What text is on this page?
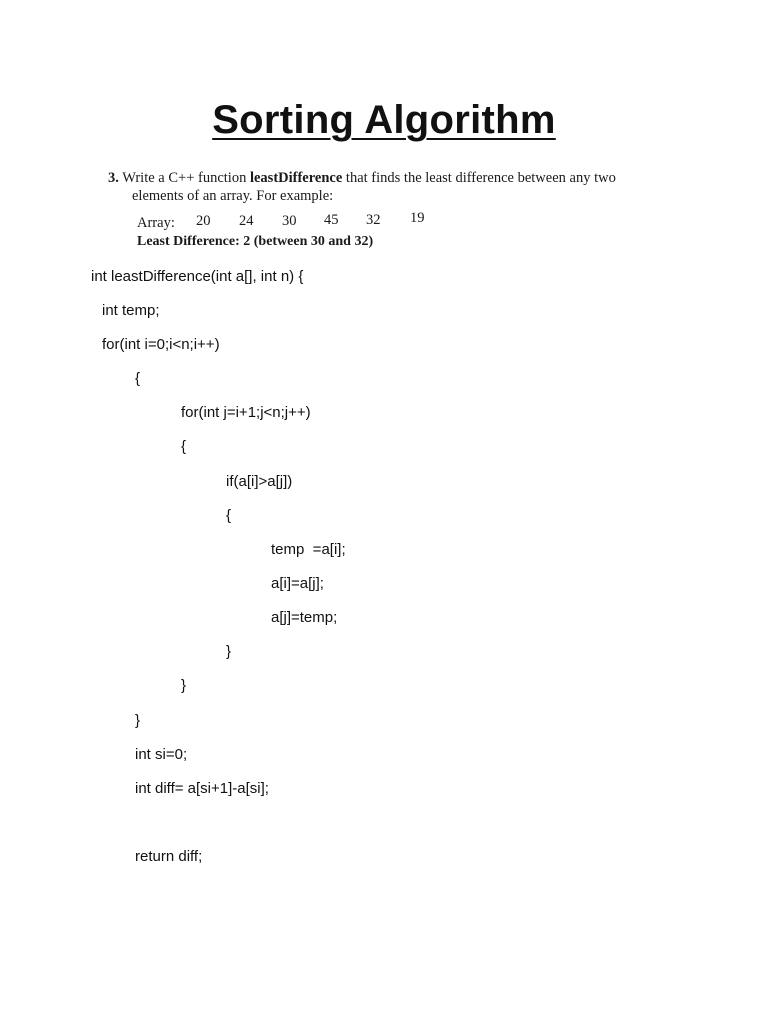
Sorting Algorithm
3. Write a C++ function leastDifference that finds the least difference between any two
elements of an array. For example:
Array: 20 24 30 45 32 19
Least Difference: 2 (between 30 and 32)
int leastDifference(int a[], int n) {
int temp;
for(int i=0;i<n;i++)
{
for(int j=i+1;j<n;j++)
{
if(a[i]>a[j])
{
temp  =a[i];
a[i]=a[j];
a[j]=temp;
}
}
}
int si=0;
int diff= a[si+1]-a[si];
return diff;
